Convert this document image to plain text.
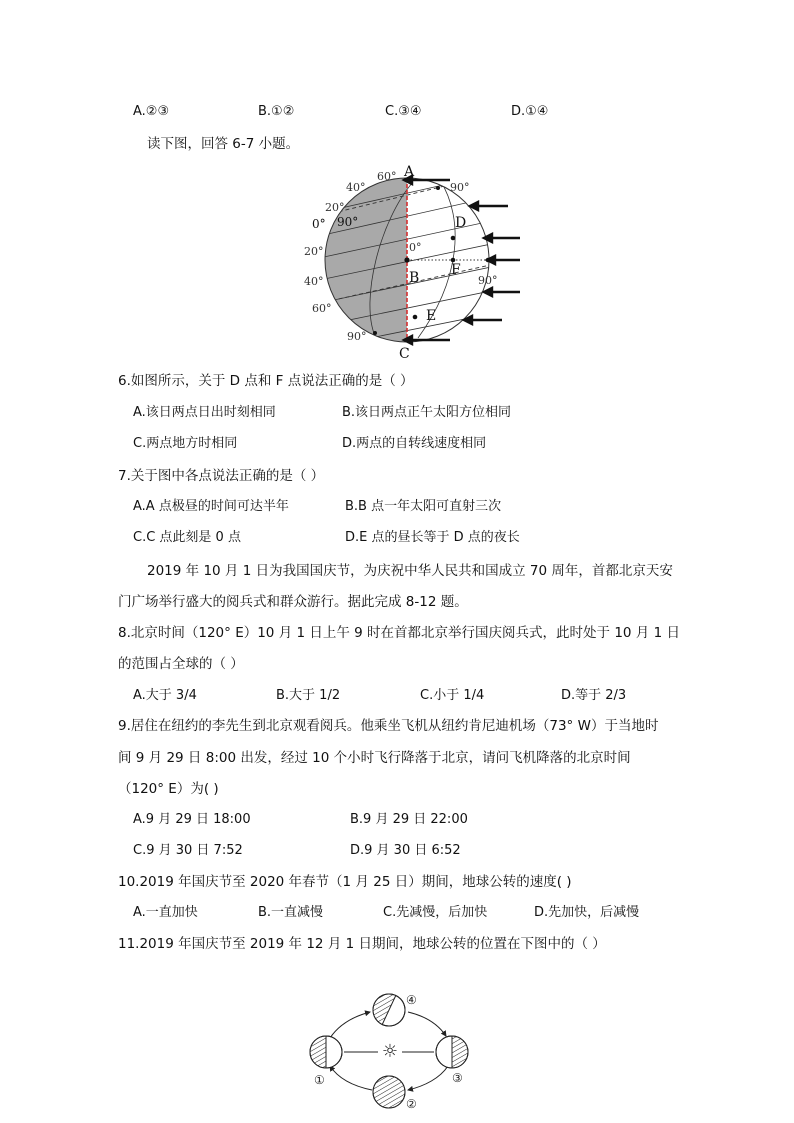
A.②③	B.①②	C.③④	D.①④
读下图，回答 6-7 小题。
A
B
C
D
E
F
60°
40°
20°
0°
20°
40°
60°
90°
90°
0°
90°
90°
6.如图所示，关于 D 点和 F 点说法正确的是（ ）
A.该日两点日出时刻相同	B.该日两点正午太阳方位相同
C.两点地方时相同	D.两点的自转线速度相同
7.关于图中各点说法正确的是（ ）
A.A 点极昼的时间可达半年	B.B 点一年太阳可直射三次
C.C 点此刻是 0 点	D.E 点的昼长等于 D 点的夜长
2019 年 10 月 1 日为我国国庆节，为庆祝中华人民共和国成立 70 周年，首都北京天安
门广场举行盛大的阅兵式和群众游行。据此完成 8-12 题。
8.北京时间（120° E）10 月 1 日上午 9 时在首都北京举行国庆阅兵式，此时处于 10 月 1 日
的范围占全球的（ ）
A.大于 3/4	B.大于 1/2	C.小于 1/4	D.等于 2/3
9.居住在纽约的李先生到北京观看阅兵。他乘坐飞机从纽约肯尼迪机场（73° W）于当地时
间 9 月 29 日 8:00 出发，经过 10 个小时飞行降落于北京，请问飞机降落的北京时间
（120° E）为( )
A.9 月 29 日 18:00	B.9 月 29 日 22:00
C.9 月 30 日 7:52	D.9 月 30 日 6:52
10.2019 年国庆节至 2020 年春节（1 月 25 日）期间，地球公转的速度( )
A.一直加快	B.一直减慢	C.先减慢，后加快	D.先加快，后减慢
11.2019 年国庆节至 2019 年 12 月 1 日期间，地球公转的位置在下图中的（ ）
☼
④
①	③
②
